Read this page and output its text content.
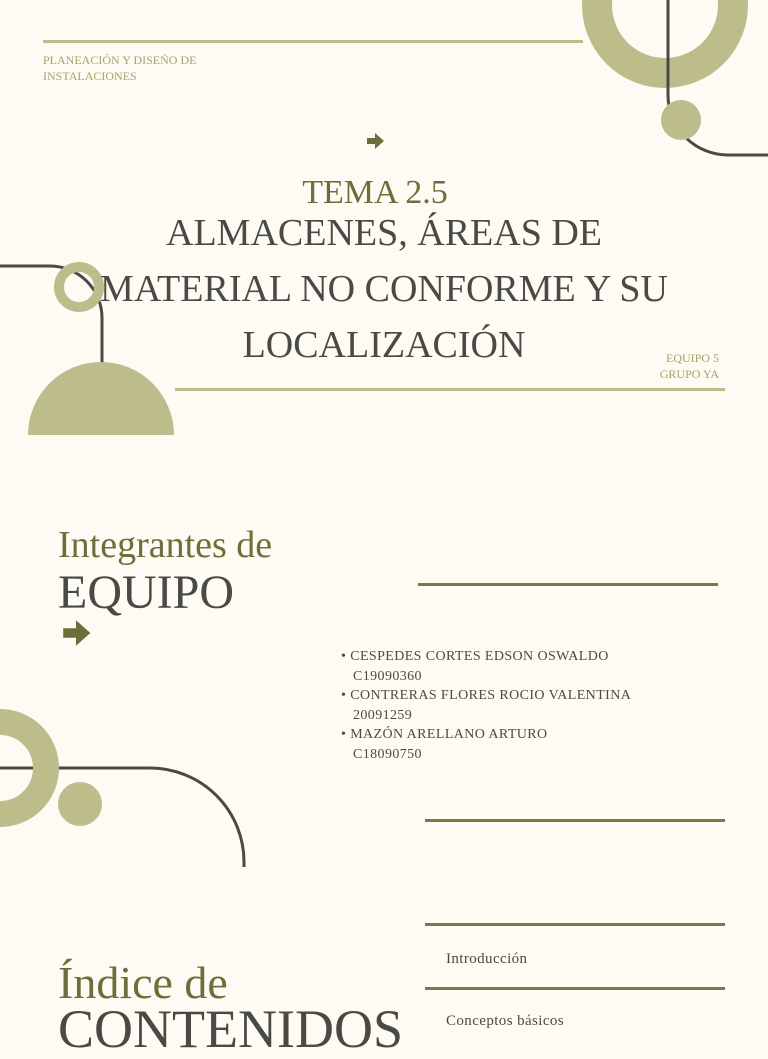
PLANEACIÓN Y DISEÑO DE
INSTALACIONES
TEMA 2.5
ALMACENES, ÁREAS DE
MATERIAL NO CONFORME Y SU
LOCALIZACIÓN	EQUIPO 5
GRUPO YA
Integrantes de
EQUIPO
• CESPEDES CORTES EDSON OSWALDO
C19090360
• CONTRERAS FLORES ROCIO VALENTINA
20091259
• MAZÓN ARELLANO ARTURO
C18090750
Introducción
Conceptos básicos
Índice de
CONTENIDOS
